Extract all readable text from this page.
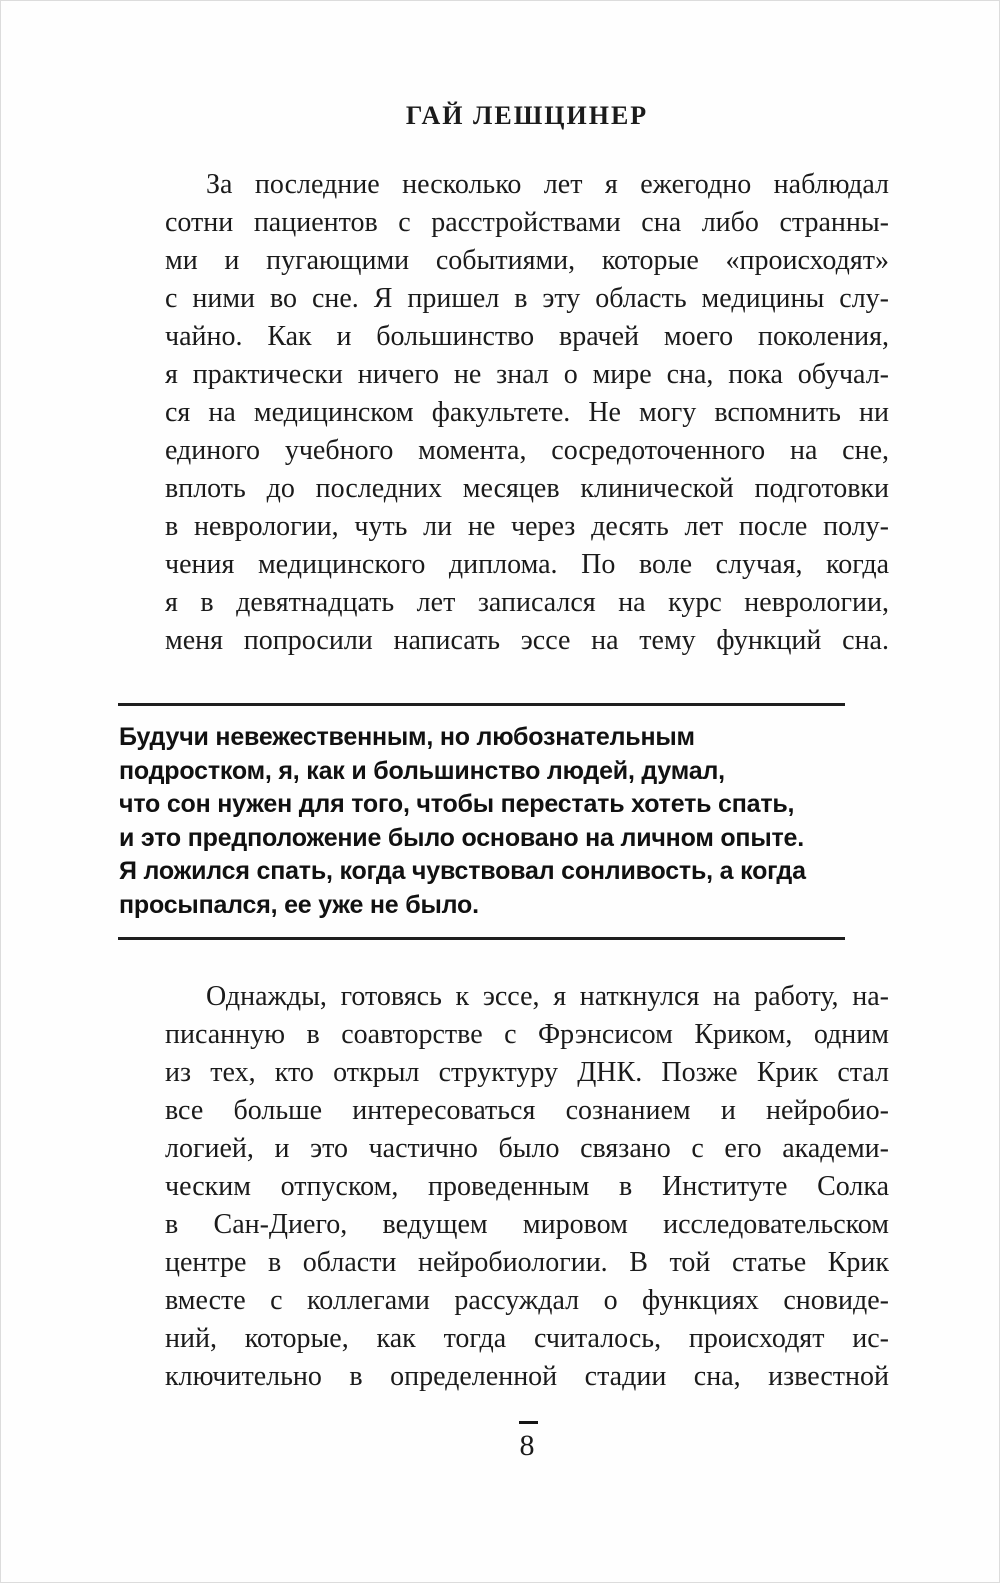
ГАЙ ЛЕШЦИНЕР
За последние несколько лет я ежегодно наблюдал
сотни пациентов с расстройствами сна либо странны-
ми и пугающими событиями, которые «происходят»
с ними во сне. Я пришел в эту область медицины слу-
чайно. Как и большинство врачей моего поколения,
я практически ничего не знал о мире сна, пока обучал-
ся на медицинском факультете. Не могу вспомнить ни
единого учебного момента, сосредоточенного на сне,
вплоть до последних месяцев клинической подготовки
в неврологии, чуть ли не через десять лет после полу-
чения медицинского диплома. По воле случая, когда
я в девятнадцать лет записался на курс неврологии,
меня попросили написать эссе на тему функций сна.
Будучи невежественным, но любознательным
подростком, я, как и большинство людей, думал,
что сон нужен для того, чтобы перестать хотеть спать,
и это предположение было основано на личном опыте.
Я ложился спать, когда чувствовал сонливость, а когда
просыпался, ее уже не было.
Однажды, готовясь к эссе, я наткнулся на работу, на-
писанную в соавторстве с Фрэнсисом Криком, одним
из тех, кто открыл структуру ДНК. Позже Крик стал
все больше интересоваться сознанием и нейробио-
логией, и это частично было связано с его академи-
ческим отпуском, проведенным в Институте Солка
в Сан-Диего, ведущем мировом исследовательском
центре в области нейробиологии. В той статье Крик
вместе с коллегами рассуждал о функциях сновиде-
ний, которые, как тогда считалось, происходят ис-
ключительно в определенной стадии сна, известной
8
